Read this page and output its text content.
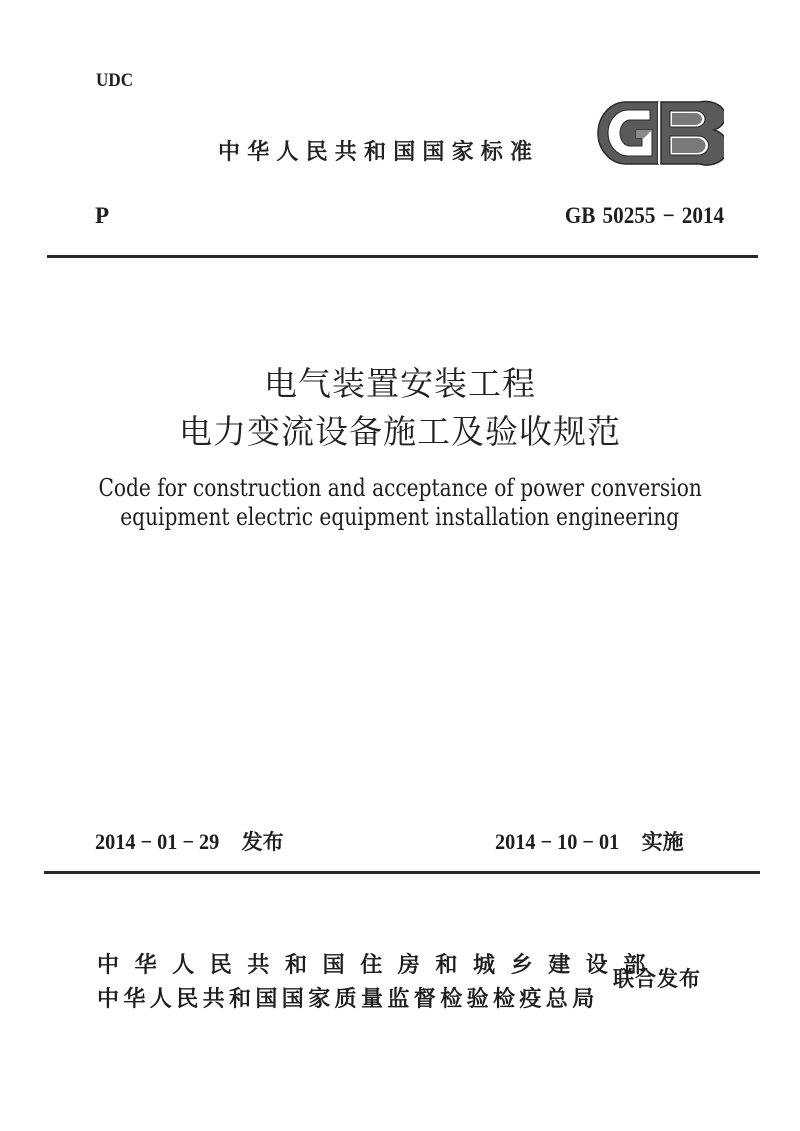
UDC
中华人民共和国国家标准
P	GB 50255 − 2014
电气装置安装工程
电力变流设备施工及验收规范
Code for construction and acceptance of power conversion
equipment electric equipment installation engineering
2014 − 01 − 29 发布	2014 − 10 − 01 实施
中华人民共和国住房和城乡建设部
中华人民共和国国家质量监督检验检疫总局
联合发布
